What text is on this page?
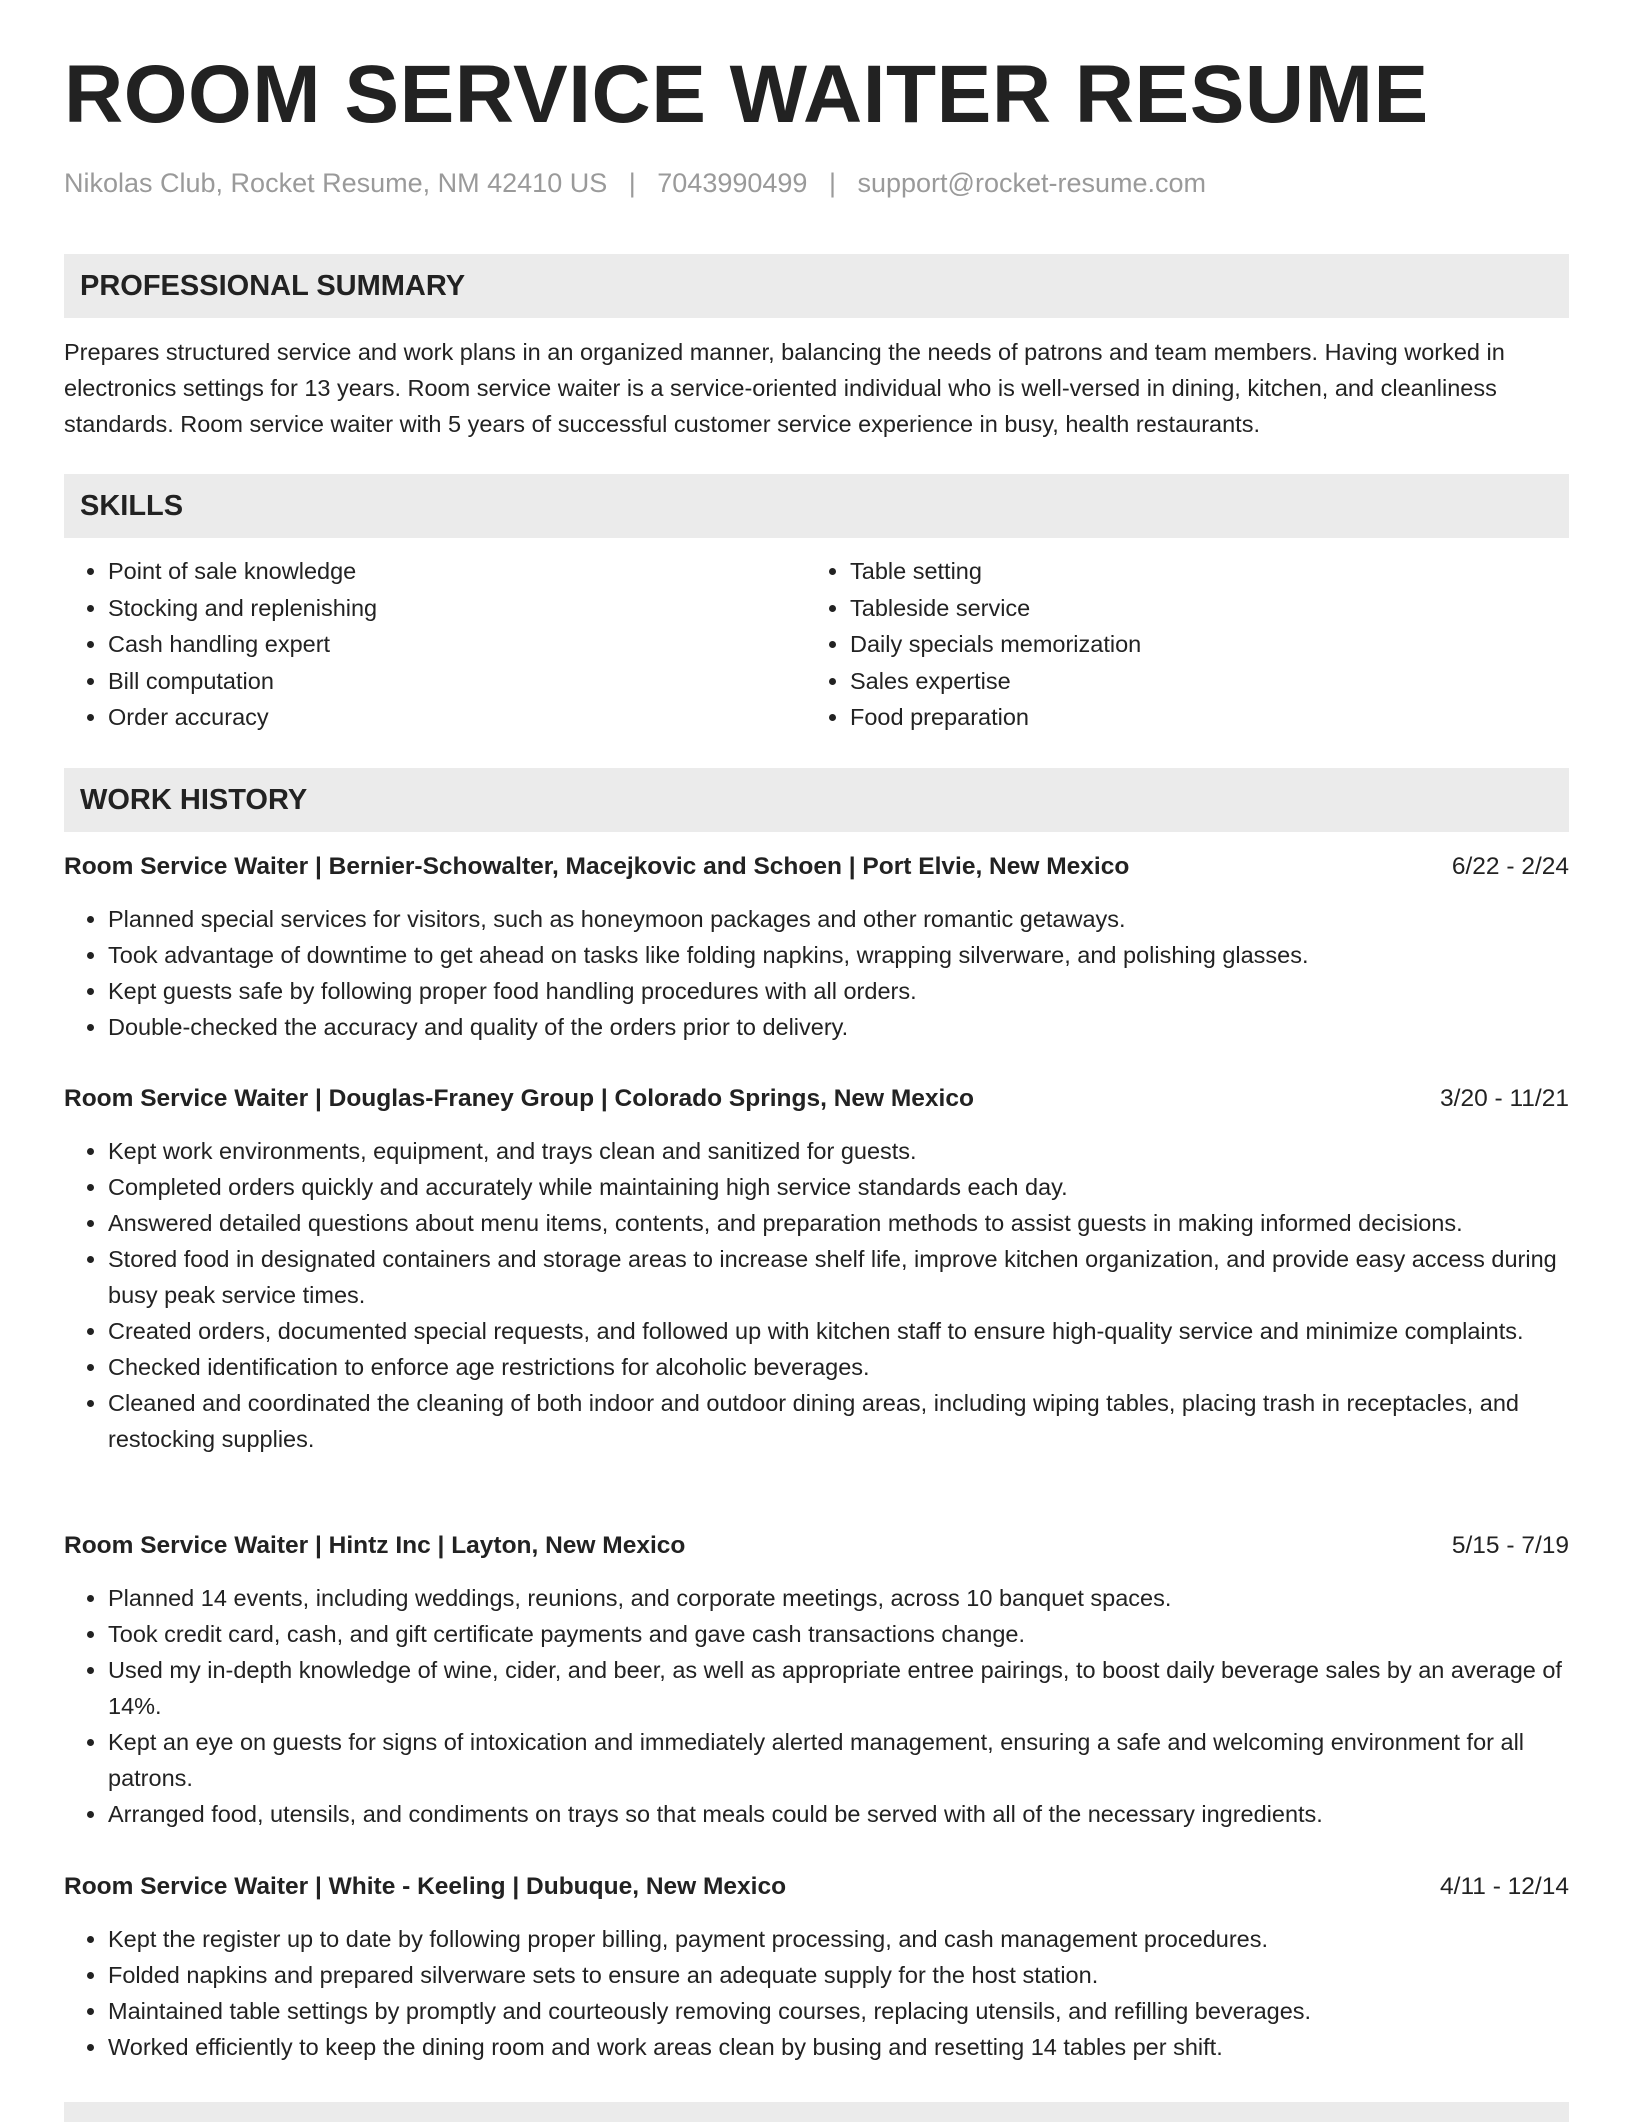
ROOM SERVICE WAITER RESUME
Nikolas Club, Rocket Resume, NM 42410 US | 7043990499 | support@rocket-resume.com
PROFESSIONAL SUMMARY
Prepares structured service and work plans in an organized manner, balancing the needs of patrons and team members. Having worked in electronics settings for 13 years. Room service waiter is a service-oriented individual who is well-versed in dining, kitchen, and cleanliness standards. Room service waiter with 5 years of successful customer service experience in busy, health restaurants.
SKILLS
• Point of sale knowledge
• Stocking and replenishing
• Cash handling expert
• Bill computation
• Order accuracy
• Table setting
• Tableside service
• Daily specials memorization
• Sales expertise
• Food preparation
WORK HISTORY
Room Service Waiter | Bernier-Schowalter, Macejkovic and Schoen | Port Elvie, New Mexico	6/22 - 2/24
• Planned special services for visitors, such as honeymoon packages and other romantic getaways.
• Took advantage of downtime to get ahead on tasks like folding napkins, wrapping silverware, and polishing glasses.
• Kept guests safe by following proper food handling procedures with all orders.
• Double-checked the accuracy and quality of the orders prior to delivery.
Room Service Waiter | Douglas-Franey Group | Colorado Springs, New Mexico	3/20 - 11/21
• Kept work environments, equipment, and trays clean and sanitized for guests.
• Completed orders quickly and accurately while maintaining high service standards each day.
• Answered detailed questions about menu items, contents, and preparation methods to assist guests in making informed decisions.
• Stored food in designated containers and storage areas to increase shelf life, improve kitchen organization, and provide easy access during busy peak service times.
• Created orders, documented special requests, and followed up with kitchen staff to ensure high-quality service and minimize complaints.
• Checked identification to enforce age restrictions for alcoholic beverages.
• Cleaned and coordinated the cleaning of both indoor and outdoor dining areas, including wiping tables, placing trash in receptacles, and restocking supplies.
Room Service Waiter | Hintz Inc | Layton, New Mexico	5/15 - 7/19
• Planned 14 events, including weddings, reunions, and corporate meetings, across 10 banquet spaces.
• Took credit card, cash, and gift certificate payments and gave cash transactions change.
• Used my in-depth knowledge of wine, cider, and beer, as well as appropriate entree pairings, to boost daily beverage sales by an average of 14%.
• Kept an eye on guests for signs of intoxication and immediately alerted management, ensuring a safe and welcoming environment for all patrons.
• Arranged food, utensils, and condiments on trays so that meals could be served with all of the necessary ingredients.
Room Service Waiter | White - Keeling | Dubuque, New Mexico	4/11 - 12/14
• Kept the register up to date by following proper billing, payment processing, and cash management procedures.
• Folded napkins and prepared silverware sets to ensure an adequate supply for the host station.
• Maintained table settings by promptly and courteously removing courses, replacing utensils, and refilling beverages.
• Worked efficiently to keep the dining room and work areas clean by busing and resetting 14 tables per shift.
